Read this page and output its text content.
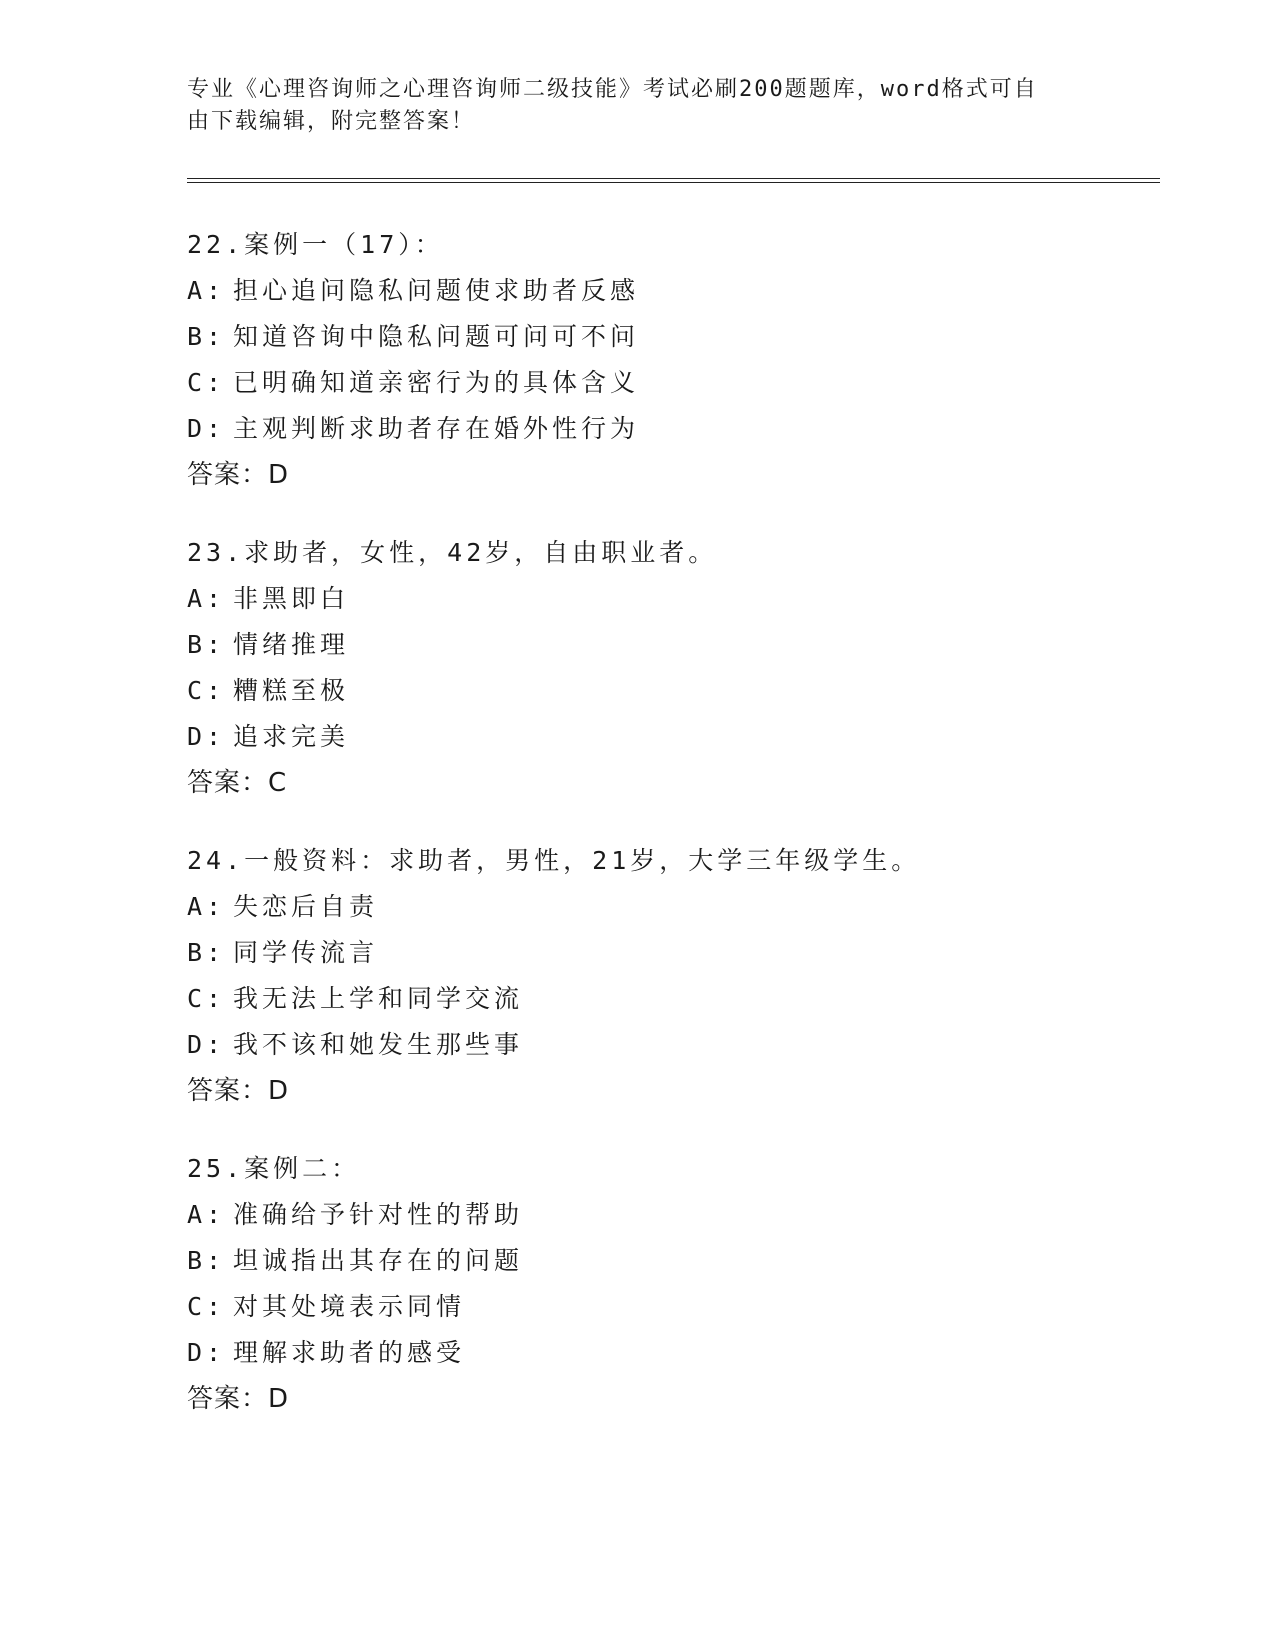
专业《心理咨询师之心理咨询师二级技能》考试必刷200题题库，word格式可自
由下载编辑，附完整答案！
22.案例一（17）：
A: 担心追问隐私问题使求助者反感
B: 知道咨询中隐私问题可问可不问
C: 已明确知道亲密行为的具体含义
D: 主观判断求助者存在婚外性行为
答案：D
23.求助者，女性，42岁，自由职业者。
A: 非黑即白
B: 情绪推理
C: 糟糕至极
D: 追求完美
答案：C
24.一般资料：求助者，男性，21岁，大学三年级学生。
A: 失恋后自责
B: 同学传流言
C: 我无法上学和同学交流
D: 我不该和她发生那些事
答案：D
25.案例二：
A: 准确给予针对性的帮助
B: 坦诚指出其存在的问题
C: 对其处境表示同情
D: 理解求助者的感受
答案：D
